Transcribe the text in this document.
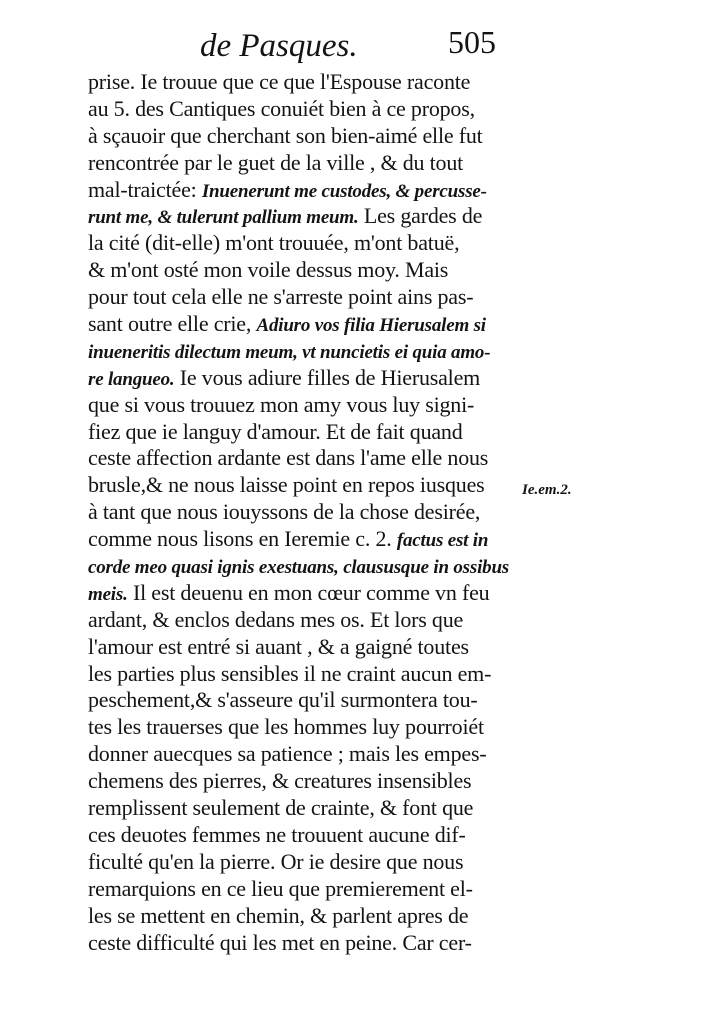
de Pasques.	505
prise. Ie trouue que ce que l'Espouse raconte
au 5. des Cantiques conuiét bien à ce propos,
à sçauoir que cherchant son bien-aimé elle fut
rencontrée par le guet de la ville , & du tout
mal-traictée: Inuenerunt me custodes, & percusse-
runt me, & tulerunt pallium meum. Les gardes de
la cité (dit-elle) m'ont trouuée, m'ont batuë,
& m'ont osté mon voile dessus moy. Mais
pour tout cela elle ne s'arreste point ains pas-
sant outre elle crie, Adiuro vos filia Hierusalem si
inueneritis dilectum meum, vt nuncietis ei quia amo-
re langueo. Ie vous adiure filles de Hierusalem
que si vous trouuez mon amy vous luy signi-
fiez que ie languy d'amour. Et de fait quand
ceste affection ardante est dans l'ame elle nous
brusle,& ne nous laisse point en repos iusques
à tant que nous iouyssons de la chose desirée,
comme nous lisons en Ieremie c. 2. factus est in
corde meo quasi ignis exestuans, claususque in ossibus
meis. Il est deuenu en mon cœur comme vn feu
ardant, & enclos dedans mes os. Et lors que
l'amour est entré si auant , & a gaigné toutes
les parties plus sensibles il ne craint aucun em-
peschement,& s'asseure qu'il surmontera tou-
tes les trauerses que les hommes luy pourroiét
donner auecques sa patience ; mais les empes-
chemens des pierres, & creatures insensibles
remplissent seulement de crainte, & font que
ces deuotes femmes ne trouuent aucune dif-
ficulté qu'en la pierre. Or ie desire que nous
remarquions en ce lieu que premierement el-
les se mettent en chemin, & parlent apres de
ceste difficulté qui les met en peine. Car cer-
Ie.em.2.
